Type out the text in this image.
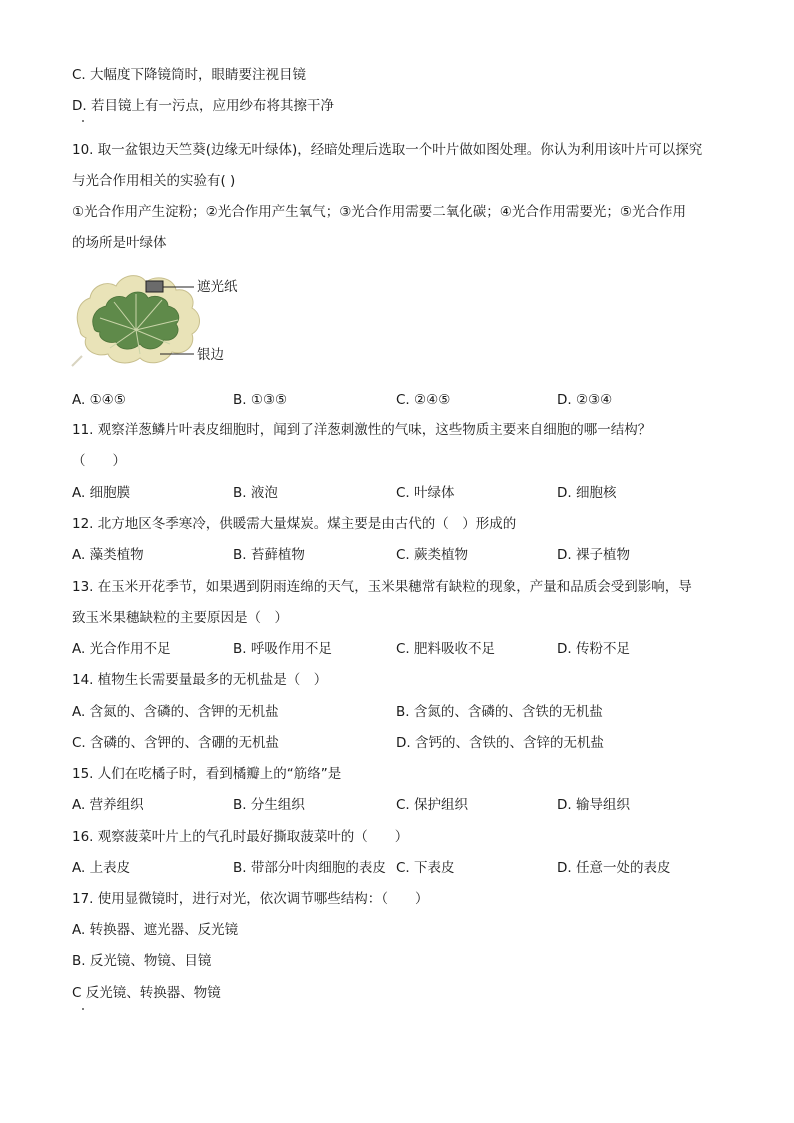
C. 大幅度下降镜筒时，眼睛要注视目镜
D. 若目镜上有一污点，应用纱布将其擦干净
10. 取一盆银边天竺葵(边缘无叶绿体)，经暗处理后选取一个叶片做如图处理。你认为利用该叶片可以探究
与光合作用相关的实验有( )
①光合作用产生淀粉；②光合作用产生氧气；③光合作用需要二氧化碳；④光合作用需要光；⑤光合作用
的场所是叶绿体
遮光纸
银边
A. ①④⑤	B. ①③⑤	C. ②④⑤	D. ②③④
11. 观察洋葱鳞片叶表皮细胞时，闻到了洋葱刺激性的气味，这些物质主要来自细胞的哪一结构？
（　　）
A. 细胞膜	B. 液泡	C. 叶绿体	D. 细胞核
12. 北方地区冬季寒冷，供暖需大量煤炭。煤主要是由古代的（　）形成的
A. 藻类植物	B. 苔藓植物	C. 蕨类植物	D. 裸子植物
13. 在玉米开花季节，如果遇到阴雨连绵的天气，玉米果穗常有缺粒的现象，产量和品质会受到影响，导
致玉米果穗缺粒的主要原因是（　）
A. 光合作用不足	B. 呼吸作用不足	C. 肥料吸收不足	D. 传粉不足
14. 植物生长需要量最多的无机盐是（　）
A. 含氮的、含磷的、含钾的无机盐	B. 含氮的、含磷的、含铁的无机盐
C. 含磷的、含钾的、含硼的无机盐	D. 含钙的、含铁的、含锌的无机盐
15. 人们在吃橘子时，看到橘瓣上的“筋络”是
A. 营养组织	B. 分生组织	C. 保护组织	D. 输导组织
16. 观察菠菜叶片上的气孔时最好撕取菠菜叶的（　　）
A. 上表皮	B. 带部分叶肉细胞的表皮 C. 下表皮	D. 任意一处的表皮
17. 使用显微镜时，进行对光，依次调节哪些结构：（　　）
A. 转换器、遮光器、反光镜
B. 反光镜、物镜、目镜
C 反光镜、转换器、物镜
